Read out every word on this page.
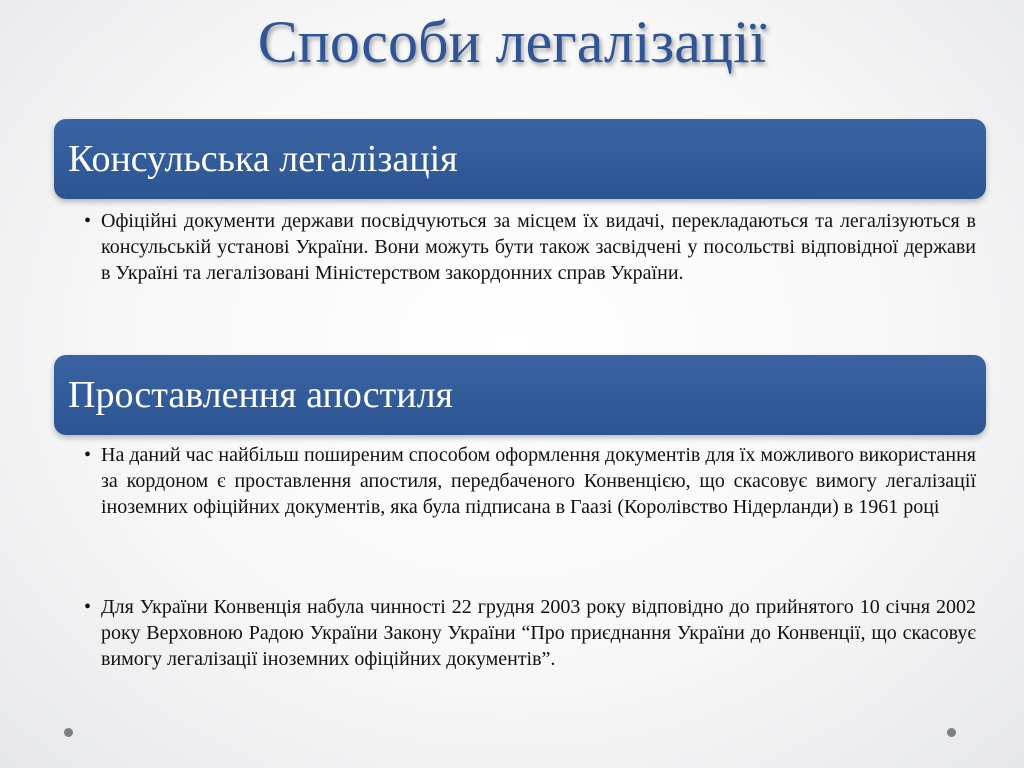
Способи легалізації
Консульська легалізація
• Офіційні документи держави посвідчуються за місцем їх видачі, перекладаються та легалізуються в консульській установі України. Вони можуть бути також засвідчені у посольстві відповідної держави в Україні та легалізовані Міністерством закордонних справ України.
Проставлення апостиля
• На даний час найбільш поширеним способом оформлення документів для їх можливого використання за кордоном є проставлення апостиля, передбаченого Конвенцією, що скасовує вимогу легалізації іноземних офіційних документів, яка була підписана в Гаазі (Королівство Нідерланди) в 1961 році
• Для України Конвенція набула чинності 22 грудня 2003 року відповідно до прийнятого 10 січня 2002 року Верховною Радою України Закону України “Про приєднання України до Конвенції, що скасовує вимогу легалізації іноземних офіційних документів”.
